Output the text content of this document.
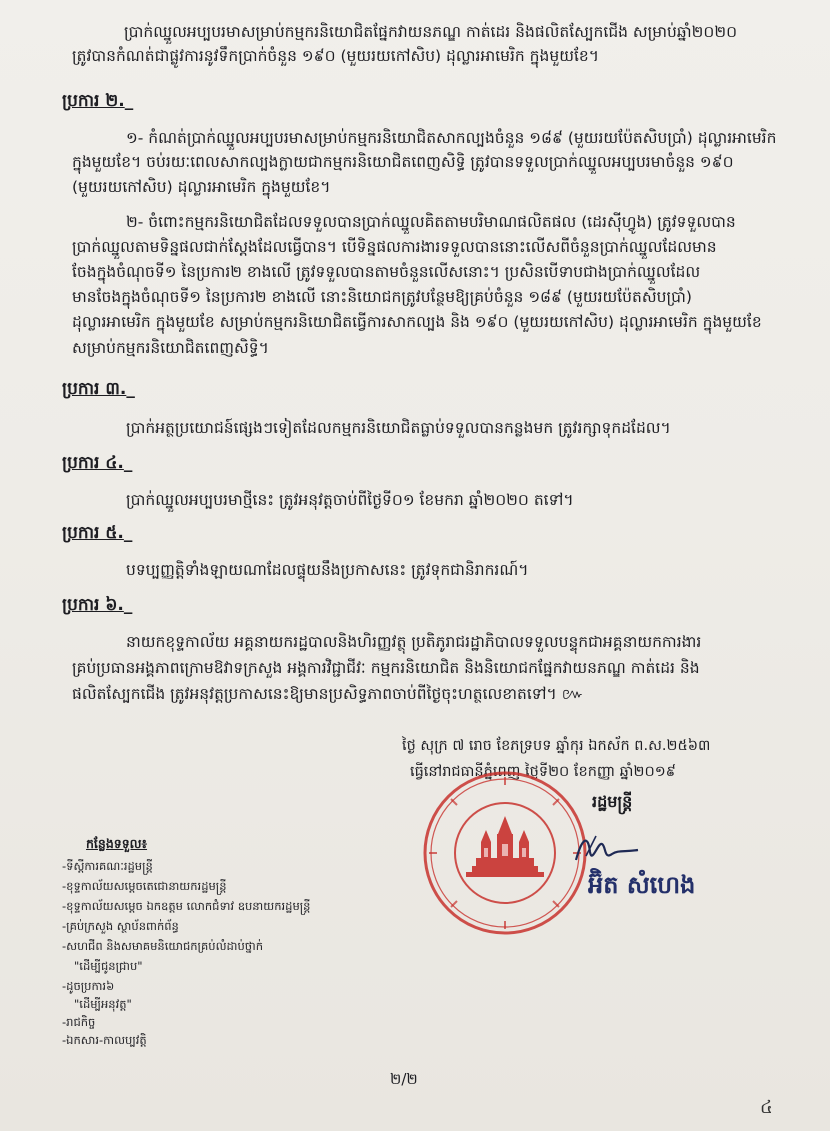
ប្រាក់ឈ្នួលអប្បបរមាសម្រាប់កម្មករនិយោជិតផ្នែកវាយនភណ្ឌ កាត់ដេរ និងផលិតស្បែកជើង សម្រាប់ឆ្នាំ២០២០
ត្រូវបានកំណត់ជាផ្លូវការនូវទឹកប្រាក់ចំនួន ១៩០ (មួយរយកៅសិប) ដុល្លារអាមេរិក ក្នុងមួយខែ។
ប្រការ ២._
១- កំណត់ប្រាក់ឈ្នួលអប្បបរមាសម្រាប់កម្មករនិយោជិតសាកល្បងចំនួន ១៨៩ (មួយរយប៉ែតសិបប្រាំ) ដុល្លារអាមេរិក
ក្នុងមួយខែ។ ចប់រយៈពេលសាកល្បងក្លាយជាកម្មករនិយោជិតពេញសិទ្ធិ ត្រូវបានទទួលប្រាក់ឈ្នួលអប្បបរមាចំនួន ១៩០
(មួយរយកៅសិប) ដុល្លារអាមេរិក ក្នុងមួយខែ។
២- ចំពោះកម្មករនិយោជិតដែលទទួលបានប្រាក់ឈ្នួលគិតតាមបរិមាណផលិតផល (ដេរស៊ីហ្វូង) ត្រូវទទួលបាន
ប្រាក់ឈ្នួលតាមទិន្នផលជាក់ស្តែងដែលធ្វើបាន។ បើទិន្នផលការងារទទួលបាននោះលើសពីចំនួនប្រាក់ឈ្នួលដែលមាន
ចែងក្នុងចំណុចទី១ នៃប្រការ២ ខាងលើ ត្រូវទទួលបានតាមចំនួនលើសនោះ។ ប្រសិនបើទាបជាងប្រាក់ឈ្នួលដែល
មានចែងក្នុងចំណុចទី១ នៃប្រការ២ ខាងលើ នោះនិយោជកត្រូវបន្ថែមឱ្យគ្រប់ចំនួន ១៨៩ (មួយរយប៉ែតសិបប្រាំ)
ដុល្លារអាមេរិក ក្នុងមួយខែ សម្រាប់កម្មករនិយោជិតធ្វើការសាកល្បង និង ១៩០ (មួយរយកៅសិប) ដុល្លារអាមេរិក ក្នុងមួយខែ
សម្រាប់កម្មករនិយោជិតពេញសិទ្ធិ។
ប្រការ ៣._
ប្រាក់អត្ថប្រយោជន៍ផ្សេងៗទៀតដែលកម្មករនិយោជិតធ្លាប់ទទួលបានកន្លងមក ត្រូវរក្សាទុកដដែល។
ប្រការ ៤._
ប្រាក់ឈ្នួលអប្បបរមាថ្មីនេះ ត្រូវអនុវត្តចាប់ពីថ្ងៃទី០១ ខែមករា ឆ្នាំ២០២០ តទៅ។
ប្រការ ៥._
បទប្បញ្ញត្តិទាំងឡាយណាដែលផ្ទុយនឹងប្រកាសនេះ ត្រូវទុកជានិរាករណ៍។
ប្រការ ៦._
នាយកខុទ្ទកាល័យ អគ្គនាយករដ្ឋបាលនិងហិរញ្ញវត្ថុ ប្រតិភូរាជរដ្ឋាភិបាលទទួលបន្ទុកជាអគ្គនាយកការងារ
គ្រប់ប្រធានអង្គភាពក្រោមឱវាទក្រសួង អង្គការវិជ្ជាជីវៈ កម្មករនិយោជិត និងនិយោជកផ្នែកវាយនភណ្ឌ កាត់ដេរ និង
ផលិតស្បែកជើង ត្រូវអនុវត្តប្រកាសនេះឱ្យមានប្រសិទ្ធភាពចាប់ពីថ្ងៃចុះហត្ថលេខាតទៅ។ ៚
ថ្ងៃ សុក្រ ៧ រោច ខែភទ្របទ ឆ្នាំកុរ ឯកស័ក ព.ស.២៥៦៣
ធ្វើនៅរាជធានីភ្នំពេញ ថ្ងៃទី២០ ខែកញ្ញា ឆ្នាំ២០១៩
រដ្ឋមន្ត្រី
អ៊ិត សំហេង
កន្លែងទទួល៖
-ទីស្តីការគណៈរដ្ឋមន្ត្រី
-ខុទ្ទកាល័យសម្តេចតេជោនាយករដ្ឋមន្ត្រី
-ខុទ្ទកាល័យសម្តេច ឯកឧត្តម លោកជំទាវ ឧបនាយករដ្ឋមន្ត្រី
-គ្រប់ក្រសួង ស្ថាប័នពាក់ព័ន្ធ
-សហជីព និងសមាគមនិយោជកគ្រប់លំដាប់ថ្នាក់
"ដើម្បីជូនជ្រាប"
-ដូចប្រការ៦
"ដើម្បីអនុវត្ត"
-រាជកិច្ច
-ឯកសារ-កាលប្បវត្តិ
២/២
៤
